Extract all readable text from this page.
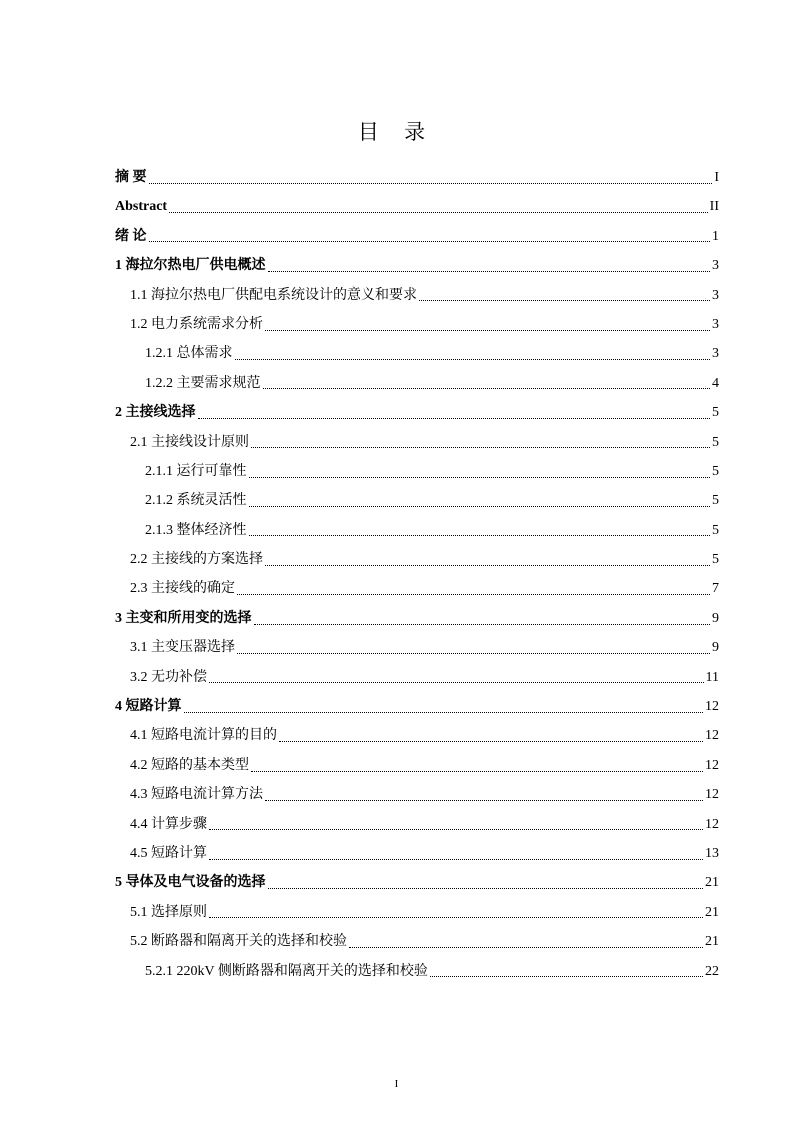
目 录
摘 要	I
Abstract	II
绪 论	1
1 海拉尔热电厂供电概述	3
1.1 海拉尔热电厂供配电系统设计的意义和要求	3
1.2 电力系统需求分析	3
1.2.1 总体需求	3
1.2.2 主要需求规范	4
2 主接线选择	5
2.1 主接线设计原则	5
2.1.1 运行可靠性	5
2.1.2 系统灵活性	5
2.1.3 整体经济性	5
2.2 主接线的方案选择	5
2.3 主接线的确定	7
3 主变和所用变的选择	9
3.1 主变压器选择	9
3.2 无功补偿	11
4 短路计算	12
4.1 短路电流计算的目的	12
4.2 短路的基本类型	12
4.3 短路电流计算方法	12
4.4 计算步骤	12
4.5 短路计算	13
5 导体及电气设备的选择	21
5.1 选择原则	21
5.2 断路器和隔离开关的选择和校验	21
5.2.1 220kV 侧断路器和隔离开关的选择和校验	22
I
